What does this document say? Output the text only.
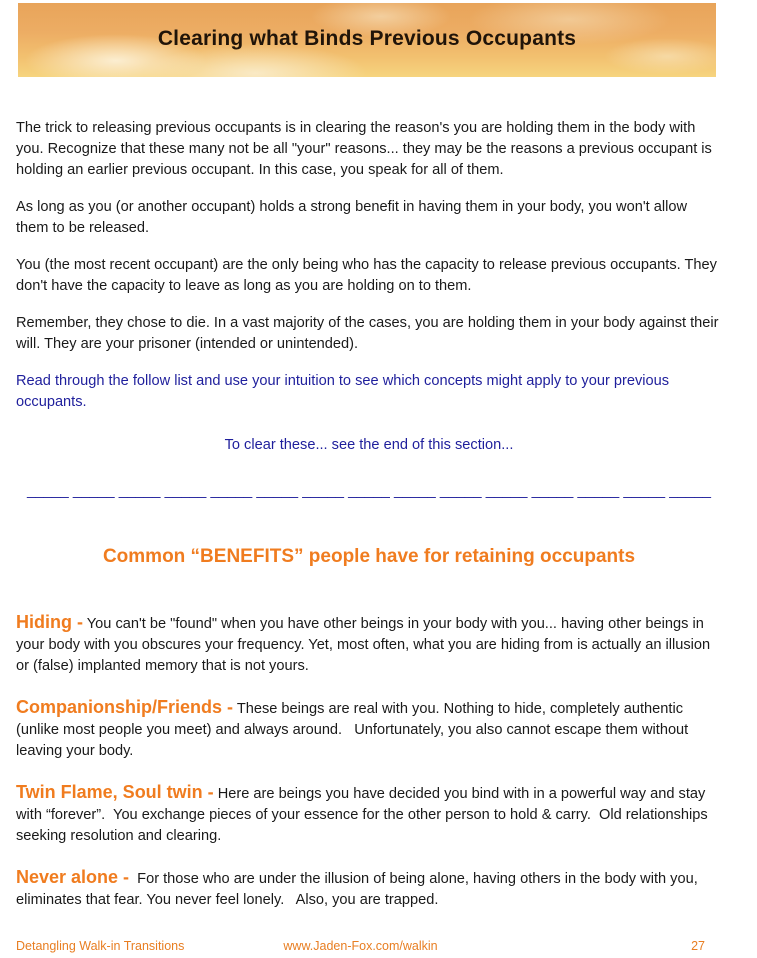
Clearing what Binds Previous Occupants

The trick to releasing previous occupants is in clearing the reason's you are holding them in the body with you. Recognize that these many not be all "your" reasons... they may be the reasons a previous occupant is holding an earlier previous occupant. In this case, you speak for all of them.

As long as you (or another occupant) holds a strong benefit in having them in your body, you won't allow them to be released.

You (the most recent occupant) are the only being who has the capacity to release previous occupants. They don't have the capacity to leave as long as you are holding on to them.

Remember, they chose to die. In a vast majority of the cases, you are holding them in your body against their will. They are your prisoner (intended or unintended).

Read through the follow list and use your intuition to see which concepts might apply to your previous occupants.

To clear these... see the end of this section...

_____ _____ _____ _____ _____ _____ _____ _____ _____ _____ _____ _____ _____ _____ _____
Common “BENEFITS” people have for retaining occupants

Hiding - You can't be "found" when you have other beings in your body with you... having other beings in your body with you obscures your frequency. Yet, most often, what you are hiding from is actually an illusion or (false) implanted memory that is not yours.

Companionship/Friends - These beings are real with you. Nothing to hide, completely authentic (unlike most people you meet) and always around.   Unfortunately, you also cannot escape them without leaving your body.

Twin Flame, Soul twin - Here are beings you have decided you bind with in a powerful way and stay with “forever”.  You exchange pieces of your essence for the other person to hold & carry.  Old relationships seeking resolution and clearing.

Never alone -  For those who are under the illusion of being alone, having others in the body with you, eliminates that fear. You never feel lonely.   Also, you are trapped.

Detangling Walk-in Transitions	www.Jaden-Fox.com/walkin	27
